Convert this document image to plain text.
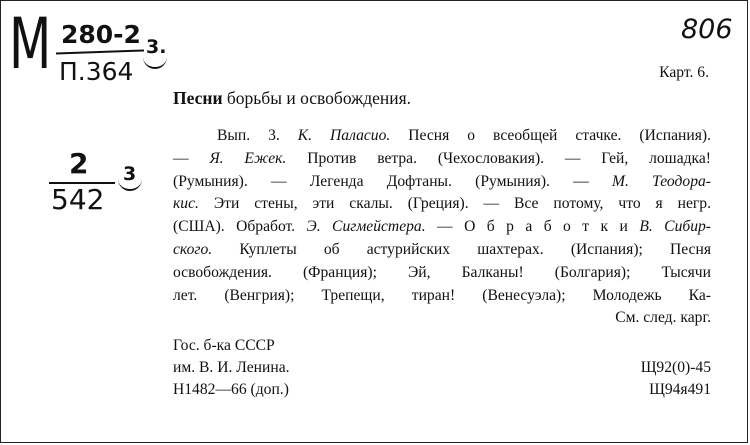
М 280-2
П.364
3.
806
2
542
3
Карт. 6.
Песни борьбы и освобождения.
Вып. 3. К. Паласио. Песня о всеобщей стачке. (Испания).
— Я. Ежек. Против ветра. (Чехословакия). — Гей, лошадка!
(Румыния). — Легенда Дофтаны. (Румыния). — М. Теодора-
кис. Эти стены, эти скалы. (Греция). — Все потому, что я негр.
(США). Обработ. Э. Сигмейстера. — О б р а б о т к и В. Сибир-
ского. Куплеты об астурийских шахтерах. (Испания); Песня
освобождения. (Франция); Эй, Балканы! (Болгария); Тысячи
лет. (Венгрия); Трепещи, тиран! (Венесуэла); Молодежь Ка-
См. след. карг.
Гос. б-ка СССР
им. В. И. Ленина.
Н1482—66 (доп.)
Щ92(0)-45
Щ94я491
